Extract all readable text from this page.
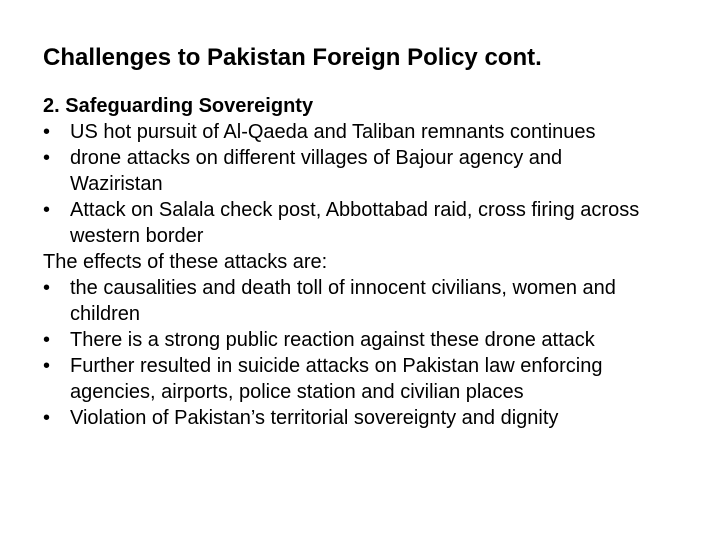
Challenges to Pakistan Foreign Policy cont.
2. Safeguarding Sovereignty
• US hot pursuit of Al-Qaeda and Taliban remnants continues
• drone attacks on different villages of Bajour agency and
Waziristan
• Attack on Salala check post, Abbottabad raid, cross firing across
western border
The effects of these attacks are:
• the causalities and death toll of innocent civilians, women and
children
• There is a strong public reaction against these drone attack
• Further resulted in suicide attacks on Pakistan law enforcing
agencies, airports, police station and civilian places
• Violation of Pakistan’s territorial sovereignty and dignity
